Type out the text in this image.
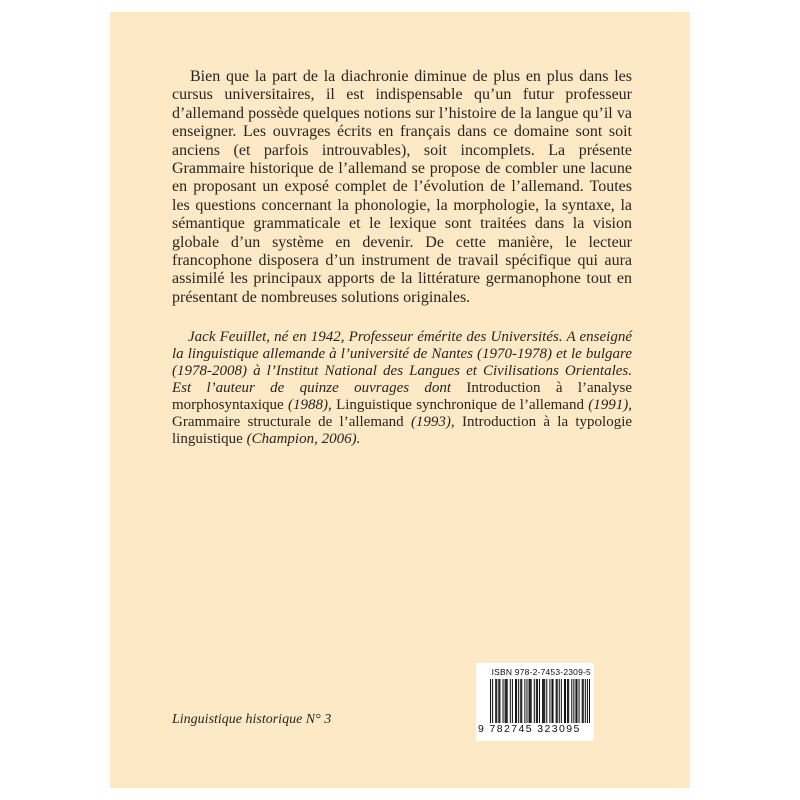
Bien que la part de la diachronie diminue de plus en plus dans les cursus universitaires, il est indispensable qu’un futur professeur d’allemand possède quelques notions sur l’histoire de la langue qu’il va enseigner. Les ouvrages écrits en français dans ce domaine sont soit anciens (et parfois introuvables), soit incomplets. La présente Grammaire historique de l’allemand se propose de combler une lacune en proposant un exposé complet de l’évolution de l’allemand. Toutes les questions concernant la phonologie, la morphologie, la syntaxe, la sémantique grammaticale et le lexique sont traitées dans la vision globale d’un système en devenir. De cette manière, le lecteur francophone disposera d’un instrument de travail spécifique qui aura assimilé les principaux apports de la littérature germanophone tout en présentant de nombreuses solutions originales.

Jack Feuillet, né en 1942, Professeur émérite des Universités. A enseigné la linguistique allemande à l’université de Nantes (1970-1978) et le bulgare (1978-2008) à l’Institut National des Langues et Civilisations Orientales. Est l’auteur de quinze ouvrages dont Introduction à l’analyse morphosyntaxique (1988), Linguistique synchronique de l’allemand (1991), Grammaire structurale de l’allemand (1993), Introduction à la typologie linguistique (Champion, 2006).

Linguistique historique N° 3

ISBN 978-2-7453-2309-5
9 782745 323095
